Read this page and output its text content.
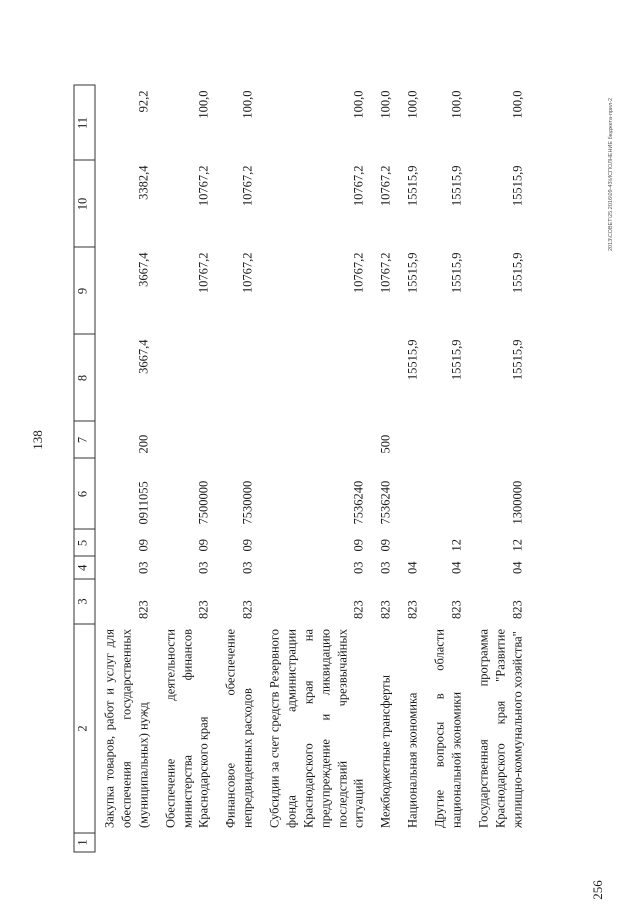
138
256
2013\СОВЕТ\25.2016\09-43\ИСПОЛНЕНИЕ бюджета-прил-2
1	2	3	4	5	6	7	8	9	10	11
	Закупка товаров, работ и услуг для обеспечения государственных (муниципальных) нужд	823	03	09	0911055	200	3667,4	3667,4	3382,4	92,2
	Обеспечение деятельности министерства финансов Краснодарского края	823	03	09	7500000			10767,2	10767,2	100,0
	Финансовое обеспечение непредвиденных расходов	823	03	09	7530000			10767,2	10767,2	100,0
	Субсидии за счет средств Резервного фонда администрации Краснодарского края на предупреждение и ликвидацию последствий чрезвычайных ситуаций	823	03	09	7536240			10767,2	10767,2	100,0
	Межбюджетные трансферты	823	03	09	7536240	500		10767,2	10767,2	100,0
	Национальная экономика	823	04				15515,9	15515,9	15515,9	100,0
	Другие вопросы в области национальной экономики	823	04	12			15515,9	15515,9	15515,9	100,0
	Государственная программа Краснодарского края "Развитие жилищно-коммунального хозяйства"	823	04	12	1300000		15515,9	15515,9	15515,9	100,0
